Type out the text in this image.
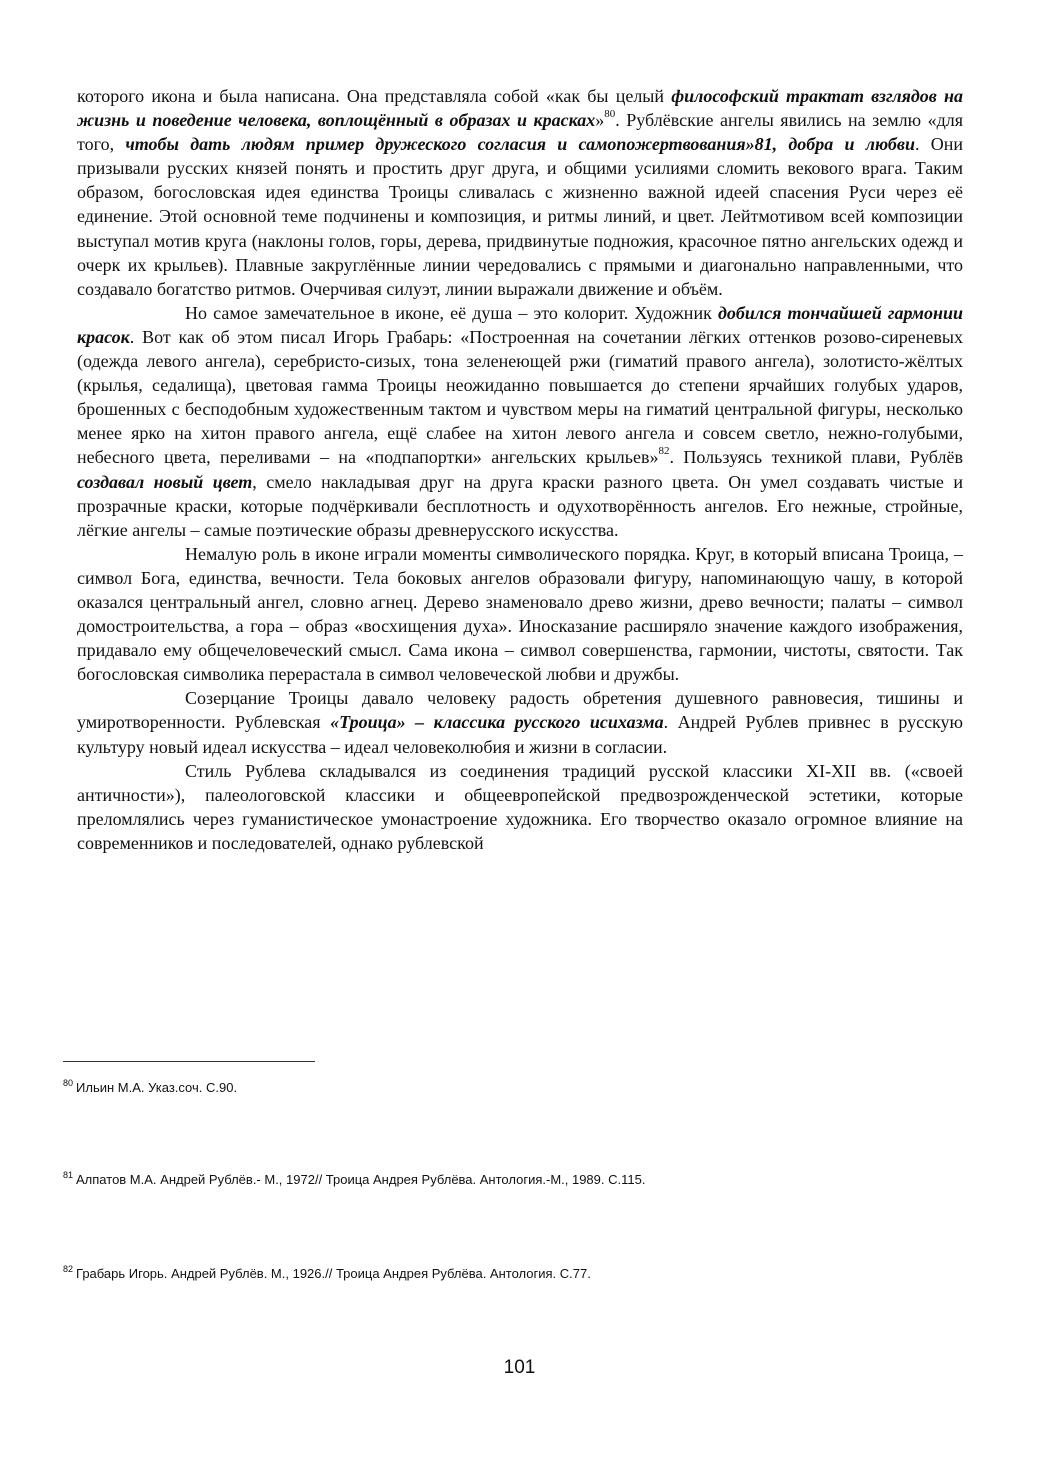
которого икона и была написана. Она представляла собой «как бы целый философский трактат взглядов на жизнь и поведение человека, воплощённый в образах и красках»$^{80}$. Рублёвские ангелы явились на землю «для того, чтобы дать людям пример дружеского согласия и самопожертвования»81, добра и любви. Они призывали русских князей понять и простить друг друга, и общими усилиями сломить векового врага. Таким образом, богословская идея единства Троицы сливалась с жизненно важной идеей спасения Руси через её единение. Этой основной теме подчинены и композиция, и ритмы линий, и цвет. Лейтмотивом всей композиции выступал мотив круга (наклоны голов, горы, дерева, придвинутые подножия, красочное пятно ангельских одежд и очерк их крыльев). Плавные закруглённые линии чередовались с прямыми и диагонально направленными, что создавало богатство ритмов. Очерчивая силуэт, линии выражали движение и объём.

Но самое замечательное в иконе, её душа – это колорит. Художник добился тончайшей гармонии красок. Вот как об этом писал Игорь Грабарь: «Построенная на сочетании лёгких оттенков розово-сиреневых (одежда левого ангела), серебристо-сизых, тона зеленеющей ржи (гиматий правого ангела), золотисто-жёлтых (крылья, седалища), цветовая гамма Троицы неожиданно повышается до степени ярчайших голубых ударов, брошенных с бесподобным художественным тактом и чувством меры на гиматий центральной фигуры, несколько менее ярко на хитон правого ангела, ещё слабее на хитон левого ангела и совсем светло, нежно-голубыми, небесного цвета, переливами – на «подпапортки» ангельских крыльев»$^{82}$. Пользуясь техникой плави, Рублёв создавал новый цвет, смело накладывая друг на друга краски разного цвета. Он умел создавать чистые и прозрачные краски, которые подчёркивали бесплотность и одухотворённость ангелов. Его нежные, стройные, лёгкие ангелы – самые поэтические образы древнерусского искусства.

Немалую роль в иконе играли моменты символического порядка. Круг, в который вписана Троица, – символ Бога, единства, вечности. Тела боковых ангелов образовали фигуру, напоминающую чашу, в которой оказался центральный ангел, словно агнец. Дерево знаменовало древо жизни, древо вечности; палаты – символ домостроительства, а гора – образ «восхищения духа». Иносказание расширяло значение каждого изображения, придавало ему общечеловеческий смысл. Сама икона – символ совершенства, гармонии, чистоты, святости. Так богословская символика перерастала в символ человеческой любви и дружбы.

Созерцание Троицы давало человеку радость обретения душевного равновесия, тишины и умиротворенности. Рублевская «Троица» – классика русского исихазма. Андрей Рублев привнес в русскую культуру новый идеал искусства – идеал человеколюбия и жизни в согласии.

Стиль Рублева складывался из соединения традиций русской классики XI-XII вв. («своей античности»), палеологовской классики и общеевропейской предвозрожденческой эстетики, которые преломлялись через гуманистическое умонастроение художника. Его творчество оказало огромное влияние на современников и последователей, однако рублевской

$^{80}$ Ильин М.А. Указ.соч. С.90.
$^{81}$ Алпатов М.А. Андрей Рублёв.- М., 1972// Троица Андрея Рублёва. Антология.-М., 1989. С.115.
$^{82}$ Грабарь Игорь. Андрей Рублёв. М., 1926.// Троица Андрея Рублёва. Антология. С.77.
101
